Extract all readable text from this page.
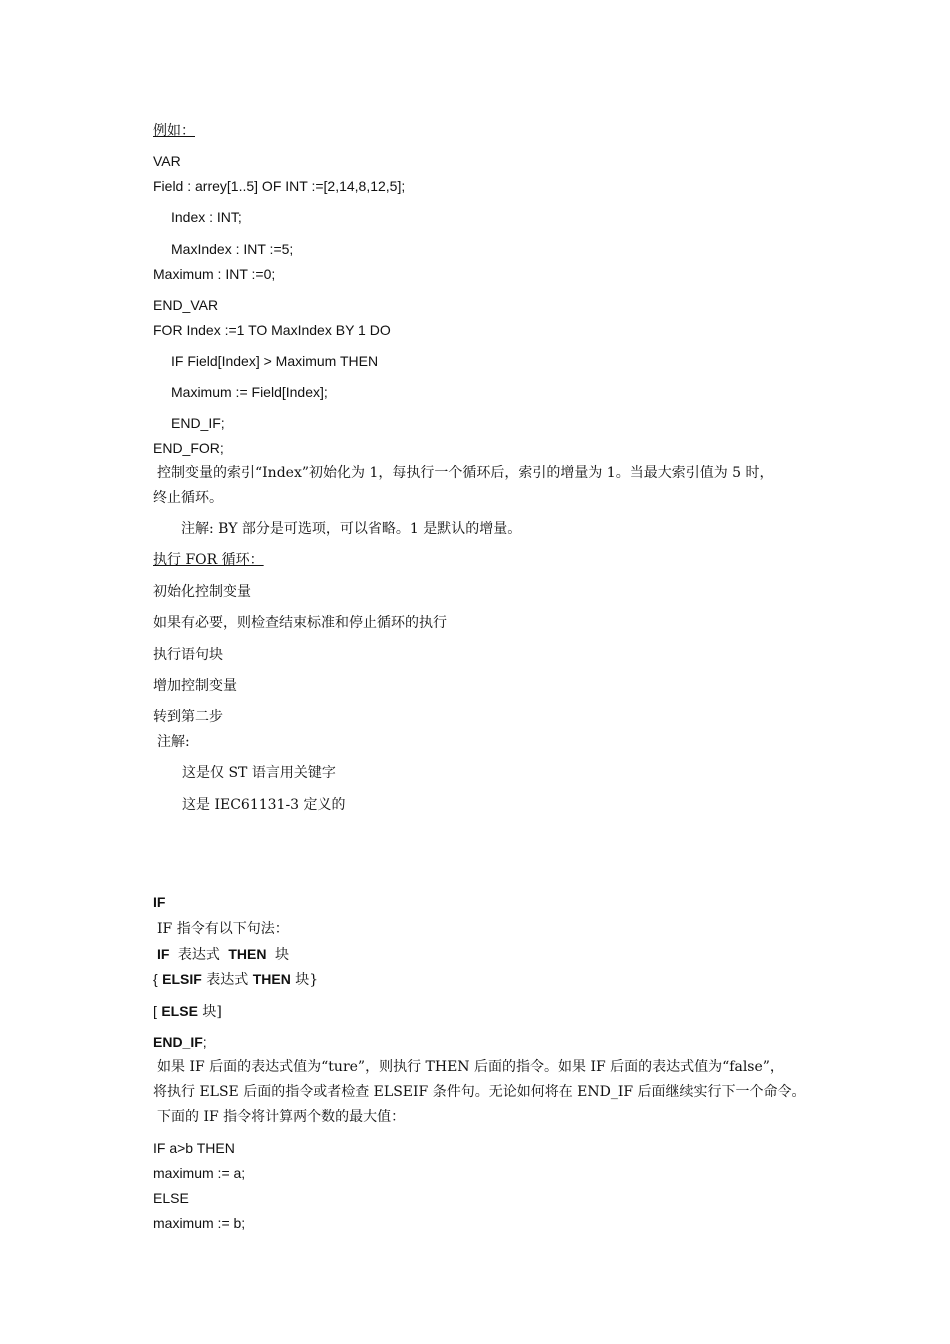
例如：
VAR
Field : arrey[1..5] OF INT :=[2,14,8,12,5];
Index : INT;
MaxIndex : INT :=5;
Maximum : INT :=0;
END_VAR
FOR Index :=1 TO MaxIndex BY 1 DO
IF Field[Index] > Maximum THEN
Maximum := Field[Index];
END_IF;
END_FOR;
控制变量的索引“Index”初始化为 1，每执行一个循环后，索引的增量为 1。当最大索引值为 5 时，
终止循环。
注解: BY 部分是可选项，可以省略。1 是默认的增量。
执行 FOR 循环：
初始化控制变量
如果有必要，则检查结束标准和停止循环的执行
执行语句块
增加控制变量
转到第二步
注解:
这是仅 ST 语言用关键字
这是 IEC61131-3 定义的
IF
IF 指令有以下句法：
IF 表达式 THEN 块
{ ELSIF 表达式 THEN 块}
[ ELSE 块]
END_IF;
如果 IF 后面的表达式值为“ture”，则执行 THEN 后面的指令。如果 IF 后面的表达式值为“false”，
将执行 ELSE 后面的指令或者检查 ELSEIF 条件句。无论如何将在 END_IF 后面继续实行下一个命令。
下面的 IF 指令将计算两个数的最大值：
IF a>b THEN
maximum := a;
ELSE
maximum := b;
